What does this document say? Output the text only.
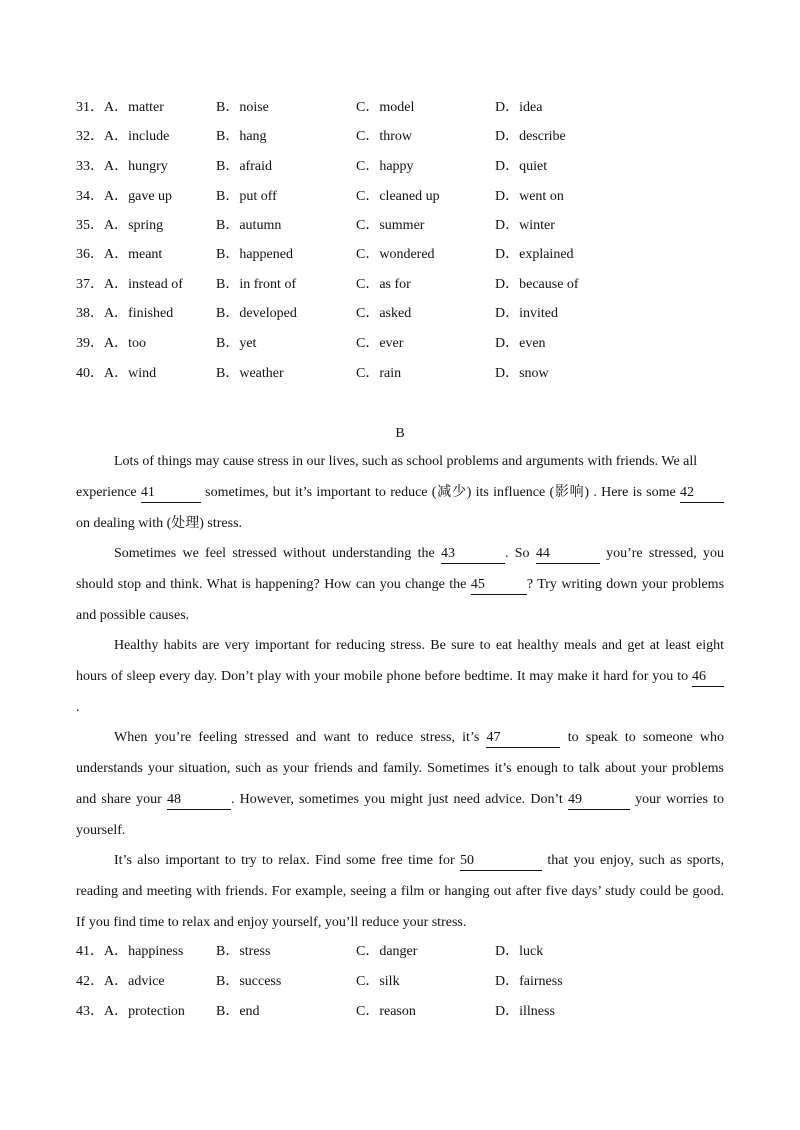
31． A．matter	B．noise	C．model	D．idea
32． A．include	B．hang	C．throw	D．describe
33． A．hungry	B．afraid	C．happy	D．quiet
34． A．gave up	B．put off	C．cleaned up	D．went on
35． A．spring	B．autumn	C．summer	D．winter
36． A．meant	B．happened	C．wondered	D．explained
37． A．instead of B．in front of	C．as for	D．because of
38． A．finished	B．developed	C．asked	D．invited
39． A．too	B．yet	C．ever	D．even
40． A．wind	B．weather	C．rain	D．snow
B
Lots of things may cause stress in our lives, such as school problems and arguments with friends. We all
experience 41	sometimes, but it’s important to reduce (减少) its influence (影响) . Here is some 42
on dealing with (处理) stress.
Sometimes we feel stressed without understanding the 43	. So 44	you’re stressed, you
should stop and think. What is happening? How can you change the 45	? Try writing down your problems
and possible causes.
Healthy habits are very important for reducing stress. Be sure to eat healthy meals and get at least eight
hours of sleep every day. Don’t play with your mobile phone before bedtime. It may make it hard for you to 46
.
When you’re feeling stressed and want to reduce stress, it’s 47	to speak to someone who
understands your situation, such as your friends and family. Sometimes it’s enough to talk about your problems
and share your 48	. However, sometimes you might just need advice. Don’t 49	your worries to
yourself.
It’s also important to try to relax. Find some free time for 50	that you enjoy, such as sports,
reading and meeting with friends. For example, seeing a film or hanging out after five days’ study could be good.
If you find time to relax and enjoy yourself, you’ll reduce your stress.
41． A．happiness B．stress	C．danger	D．luck
42． A．advice	B．success	C．silk	D．fairness
43． A．protection B．end	C．reason	D．illness
